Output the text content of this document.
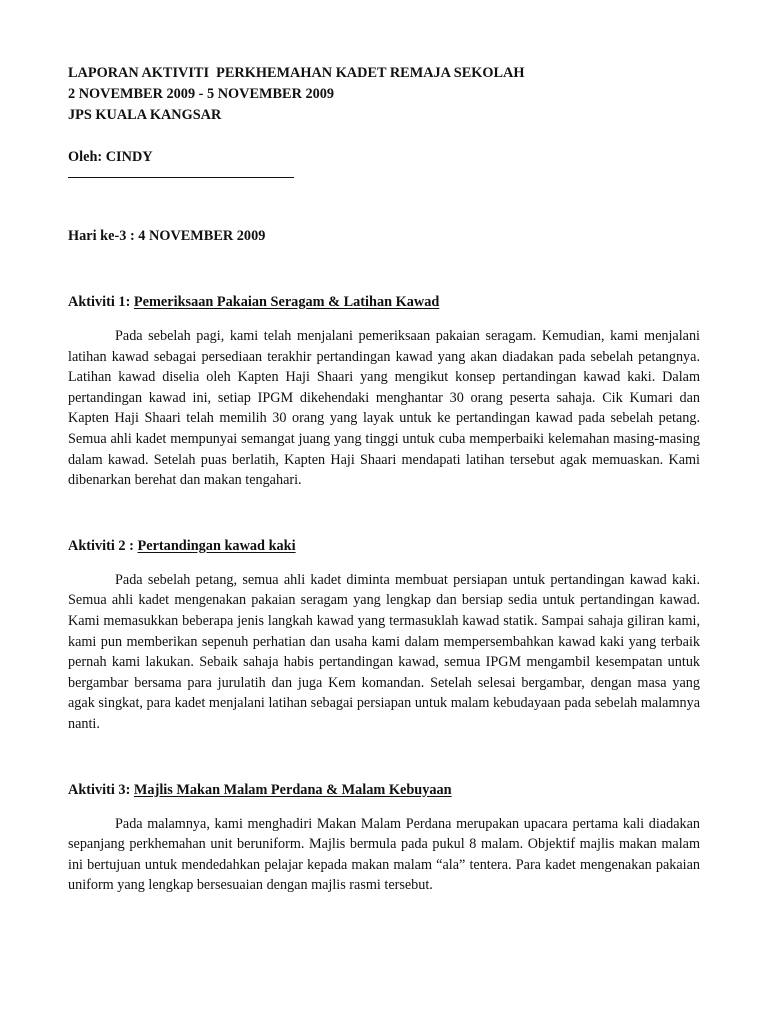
LAPORAN AKTIVITI  PERKHEMAHAN KADET REMAJA SEKOLAH
2 NOVEMBER 2009 - 5 NOVEMBER 2009
JPS KUALA KANGSAR
Oleh: CINDY
Hari ke-3 : 4 NOVEMBER 2009
Aktiviti 1: Pemeriksaan Pakaian Seragam & Latihan Kawad

Pada sebelah pagi, kami telah menjalani pemeriksaan pakaian seragam. Kemudian, kami menjalani latihan kawad sebagai persediaan terakhir pertandingan kawad yang akan diadakan pada sebelah petangnya. Latihan kawad diselia oleh Kapten Haji Shaari yang mengikut konsep pertandingan kawad kaki. Dalam pertandingan kawad ini, setiap IPGM dikehendaki menghantar 30 orang peserta sahaja. Cik Kumari dan Kapten Haji Shaari telah memilih 30 orang yang layak untuk ke pertandingan kawad pada sebelah petang. Semua ahli kadet mempunyai semangat juang yang tinggi untuk cuba memperbaiki kelemahan masing-masing dalam kawad. Setelah puas berlatih, Kapten Haji Shaari mendapati latihan tersebut agak memuaskan. Kami dibenarkan berehat dan makan tengahari.

Aktiviti 2 : Pertandingan kawad kaki

Pada sebelah petang, semua ahli kadet diminta membuat persiapan untuk pertandingan kawad kaki. Semua ahli kadet mengenakan pakaian seragam yang lengkap dan bersiap sedia untuk pertandingan kawad. Kami memasukkan beberapa jenis langkah kawad yang termasuklah kawad statik. Sampai sahaja giliran kami, kami pun memberikan sepenuh perhatian dan usaha kami dalam mempersembahkan kawad kaki yang terbaik pernah kami lakukan. Sebaik sahaja habis pertandingan kawad, semua IPGM mengambil kesempatan untuk bergambar bersama para jurulatih dan juga Kem komandan. Setelah selesai bergambar, dengan masa yang agak singkat, para kadet menjalani latihan sebagai persiapan untuk malam kebudayaan pada sebelah malamnya nanti.

Aktiviti 3: Majlis Makan Malam Perdana & Malam Kebuyaan

Pada malamnya, kami menghadiri Makan Malam Perdana merupakan upacara pertama kali diadakan sepanjang perkhemahan unit beruniform. Majlis bermula pada pukul 8 malam. Objektif majlis makan malam ini bertujuan untuk mendedahkan pelajar kepada makan malam “ala” tentera. Para kadet mengenakan pakaian uniform yang lengkap bersesuaian dengan majlis rasmi tersebut.
